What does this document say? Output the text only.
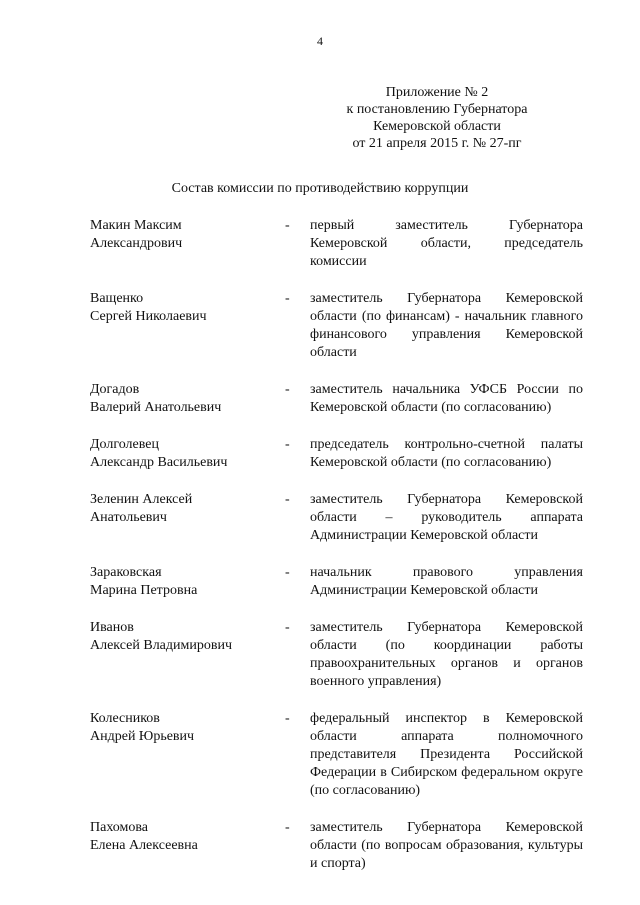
4
Приложение № 2
к постановлению Губернатора
Кемеровской области
от 21 апреля 2015 г. № 27-пг
Состав комиссии по противодействию коррупции
Макин Максим
Александрович
-	первый заместитель Губернатора Кемеровской области, председатель комиссии
Ващенко
Сергей Николаевич
-	заместитель Губернатора Кемеровской области (по финансам) - начальник главного финансового управления Кемеровской области
Догадов
Валерий Анатольевич
-	заместитель начальника УФСБ России по Кемеровской области (по согласованию)
Долголевец
Александр Васильевич
-	председатель контрольно-счетной палаты Кемеровской области (по согласованию)
Зеленин Алексей
Анатольевич
-	заместитель Губернатора Кемеровской области – руководитель аппарата Администрации Кемеровской области
Зараковская
Марина Петровна
-	начальник правового управления Администрации Кемеровской области
Иванов
Алексей Владимирович
-	заместитель Губернатора Кемеровской области (по координации работы правоохранительных органов и органов военного управления)
Колесников
Андрей Юрьевич
-	федеральный инспектор в Кемеровской области аппарата полномочного представителя Президента Российской Федерации в Сибирском федеральном округе (по согласованию)
Пахомова
Елена Алексеевна
-	заместитель Губернатора Кемеровской области (по вопросам образования, культуры и спорта)
